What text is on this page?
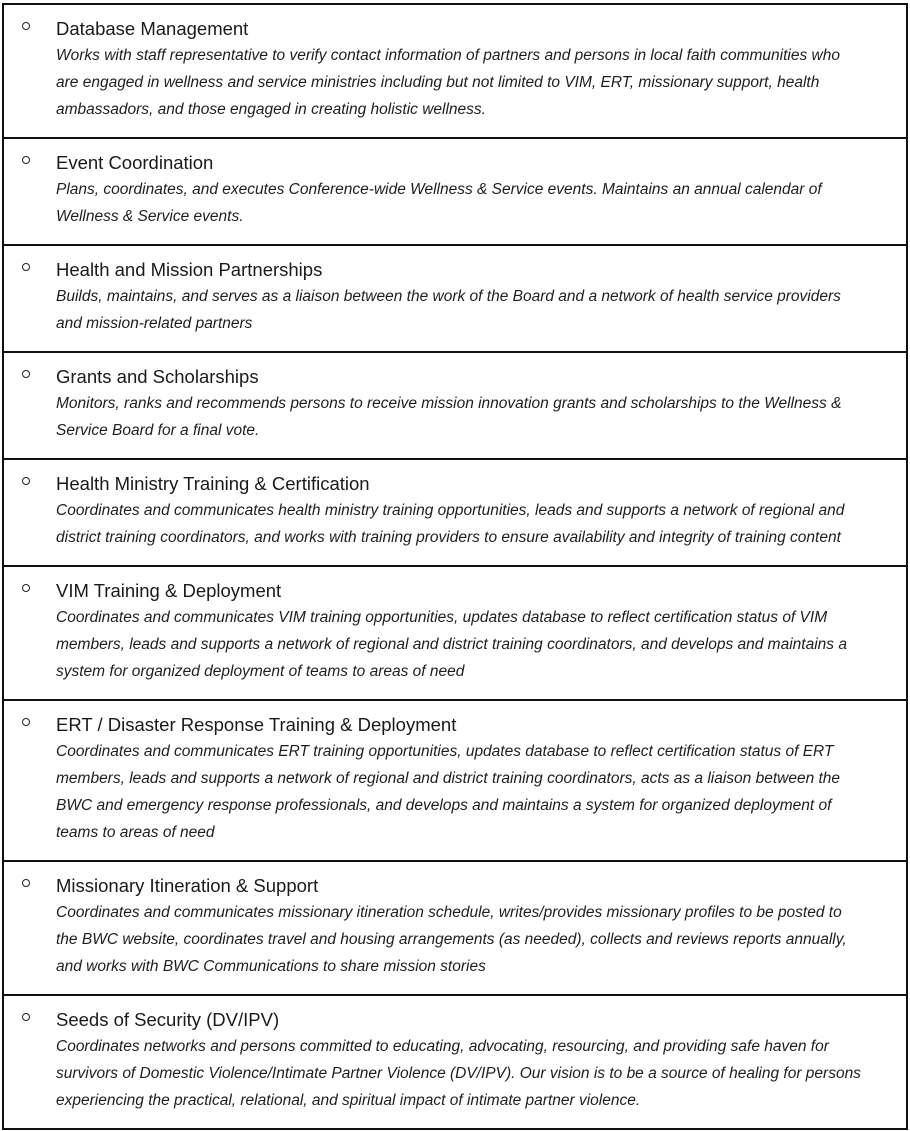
Database Management
Works with staff representative to verify contact information of partners and persons in local faith communities who
are engaged in wellness and service ministries including but not limited to VIM, ERT, missionary support, health
ambassadors, and those engaged in creating holistic wellness.
Event Coordination
Plans, coordinates, and executes Conference-wide Wellness & Service events. Maintains an annual calendar of
Wellness & Service events.
Health and Mission Partnerships
Builds, maintains, and serves as a liaison between the work of the Board and a network of health service providers
and mission-related partners
Grants and Scholarships
Monitors, ranks and recommends persons to receive mission innovation grants and scholarships to the Wellness &
Service Board for a final vote.
Health Ministry Training & Certification
Coordinates and communicates health ministry training opportunities, leads and supports a network of regional and
district training coordinators, and works with training providers to ensure availability and integrity of training content
VIM Training & Deployment
Coordinates and communicates VIM training opportunities, updates database to reflect certification status of VIM
members, leads and supports a network of regional and district training coordinators, and develops and maintains a
system for organized deployment of teams to areas of need
ERT / Disaster Response Training & Deployment
Coordinates and communicates ERT training opportunities, updates database to reflect certification status of ERT
members, leads and supports a network of regional and district training coordinators, acts as a liaison between the
BWC and emergency response professionals, and develops and maintains a system for organized deployment of
teams to areas of need
Missionary Itineration & Support
Coordinates and communicates missionary itineration schedule, writes/provides missionary profiles to be posted to
the BWC website, coordinates travel and housing arrangements (as needed), collects and reviews reports annually,
and works with BWC Communications to share mission stories
Seeds of Security (DV/IPV)
Coordinates networks and persons committed to educating, advocating, resourcing, and providing safe haven for
survivors of Domestic Violence/Intimate Partner Violence (DV/IPV). Our vision is to be a source of healing for persons
experiencing the practical, relational, and spiritual impact of intimate partner violence.
